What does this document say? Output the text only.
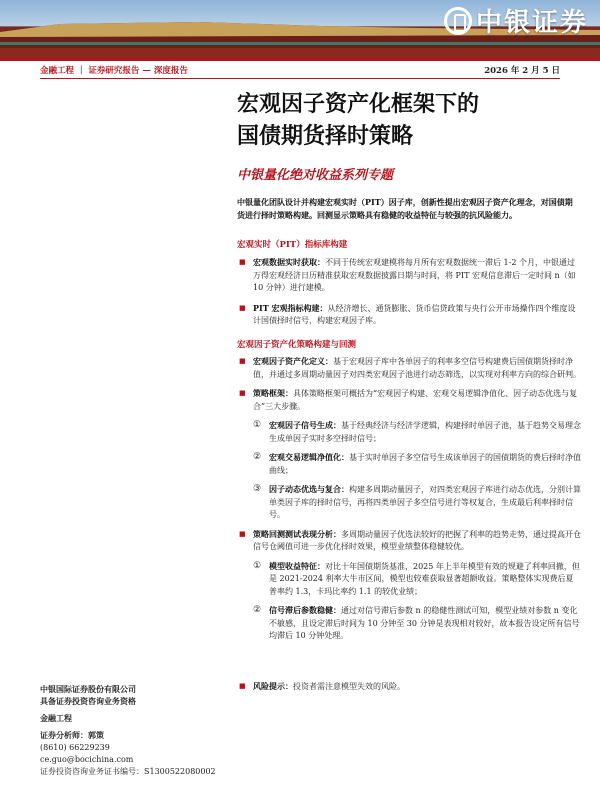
中银证券
金融工程 ｜ 证券研究报告 — 深度报告	2026 年 2 月 5 日
宏观因子资产化框架下的
国债期货择时策略
中银量化绝对收益系列专题
中银量化团队设计并构建宏观实时（PIT）因子库，创新性提出宏观因子资产化理念，对国债期货进行择时策略构建。回测显示策略具有稳健的收益特征与较强的抗风险能力。
宏观实时（PIT）指标库构建

■ 宏观数据实时获取：不同于传统宏观建模将每月所有宏观数据统一滞后 1-2 个月，中银通过万得宏观经济日历精准获取宏观数据披露日期与时间，将 PIT 宏观信息滞后一定时间 n（如 10 分钟）进行建模。

■ PIT 宏观指标构建：从经济增长、通货膨胀、货币信贷政策与央行公开市场操作四个维度设计国债择时信号，构建宏观因子库。

宏观因子资产化策略构建与回测

■ 宏观因子资产化定义：基于宏观因子库中各单因子的利率多空信号构建费后国债期货择时净值，并通过多周期动量因子对四类宏观因子池进行动态筛选，以实现对利率方向的综合研判。

■ 策略框架：具体策略框架可概括为“宏观因子构建、宏观交易逻辑净值化、因子动态优选与复合”三大步骤。

① 宏观因子信号生成：基于经典经济与经济学逻辑，构建择时单因子池，基于趋势交易理念生成单因子实时多空择时信号；

② 宏观交易逻辑净值化：基于实时单因子多空信号生成该单因子的国债期货的费后择时净值曲线；

③ 因子动态优选与复合：构建多周期动量因子，对四类宏观因子库进行动态优选，分别计算单类因子库的择时信号，再将四类单因子多空信号进行等权复合，生成最后利率择时信号。

■ 策略回测测试表现分析：多周期动量因子优选法较好的把握了利率的趋势走势，通过提高开仓信号仓阈值可进一步优化择时效果，模型业绩整体稳健较优。

① 模型收益特征：对比十年国债期货基准，2025 年上半年模型有效的规避了利率回撤，但是 2021-2024 利率大牛市区间，模型也较难获取显著超额收益。策略整体实现费后夏普率约 1.3，卡玛比率约 1.1 的较优业绩；

② 信号滞后参数稳健：通过对信号滞后参数 n 的稳健性测试可知，模型业绩对参数 n 变化不敏感，且设定滞后时间为 10 分钟至 30 分钟是表现相对较好，故本报告设定所有信号均滞后 10 分钟处理。

■ 风险提示：投资者需注意模型失效的风险。

中银国际证券股份有限公司
具备证券投资咨询业务资格
金融工程
证券分析师：郭策
(8610) 66229239
ce.guo@bocichina.com
证券投资咨询业务证书编号：S1300522080002
